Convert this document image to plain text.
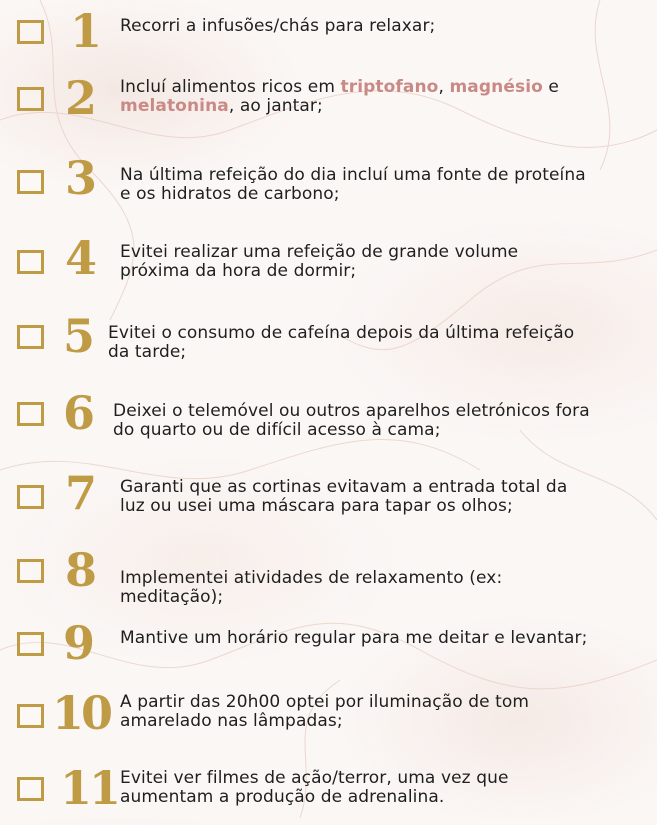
1 Recorri a infusões/chás para relaxar;
2 Incluí alimentos ricos em triptofano, magnésio e
melatonina, ao jantar;
3 Na última refeição do dia incluí uma fonte de proteína
e os hidratos de carbono;
4 Evitei realizar uma refeição de grande volume
próxima da hora de dormir;
5 Evitei o consumo de cafeína depois da última refeição
da tarde;
6 Deixei o telemóvel ou outros aparelhos eletrónicos fora
do quarto ou de difícil acesso à cama;
7 Garanti que as cortinas evitavam a entrada total da
luz ou usei uma máscara para tapar os olhos;
8 Implementei atividades de relaxamento (ex:
meditação);
9 Mantive um horário regular para me deitar e levantar;
10 A partir das 20h00 optei por iluminação de tom
amarelado nas lâmpadas;
11 Evitei ver filmes de ação/terror, uma vez que
aumentam a produção de adrenalina.
